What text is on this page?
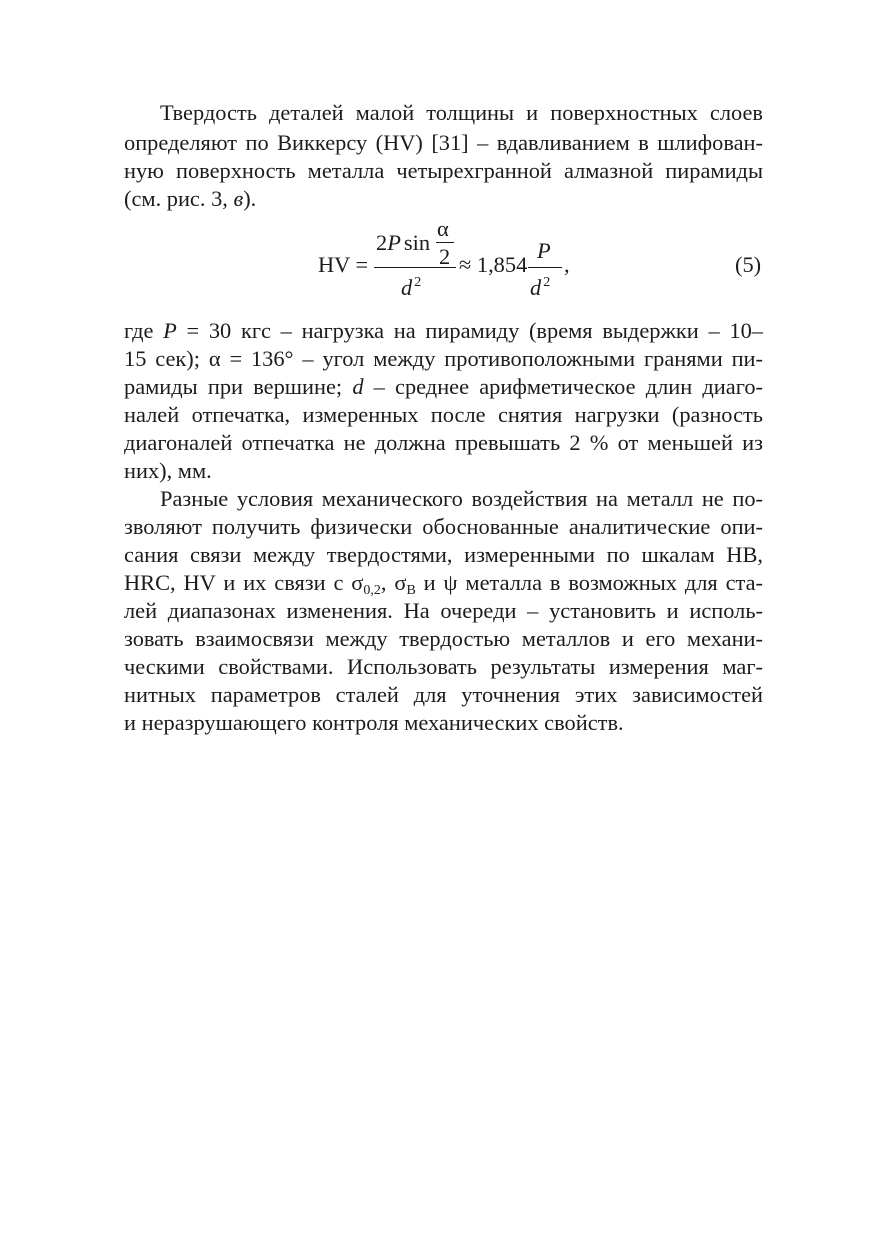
Твердость деталей малой толщины и поверхностных слоев
определяют по Виккерсу (HV) [31] – вдавливанием в шлифован-
ную поверхность металла четырехгранной алмазной пирамиды
(см. рис. 3, в).
HV =
2P sin
α
2
d $^2$
≈ 1,854
P
d $^2$
,	(5)
где P = 30 кгс – нагрузка на пирамиду (время выдержки – 10–
15 сек); α = 136° – угол между противоположными гранями пи-
рамиды при вершине; d – среднее арифметическое длин диаго-
налей отпечатка, измеренных после снятия нагрузки (разность
диагоналей отпечатка не должна превышать 2 % от меньшей из
них), мм.
Разные условия механического воздействия на металл не по-
зволяют получить физически обоснованные аналитические опи-
сания связи между твердостями, измеренными по шкалам HB,
HRC, HV и их связи с $\sigma_{0,2}$, $\sigma_В$ и ψ металла в возможных для ста-
лей диапазонах изменения. На очереди – установить и исполь-
зовать взаимосвязи между твердостью металлов и его механи-
ческими свойствами. Использовать результаты измерения маг-
нитных параметров сталей для уточнения этих зависимостей
и неразрушающего контроля механических свойств.
